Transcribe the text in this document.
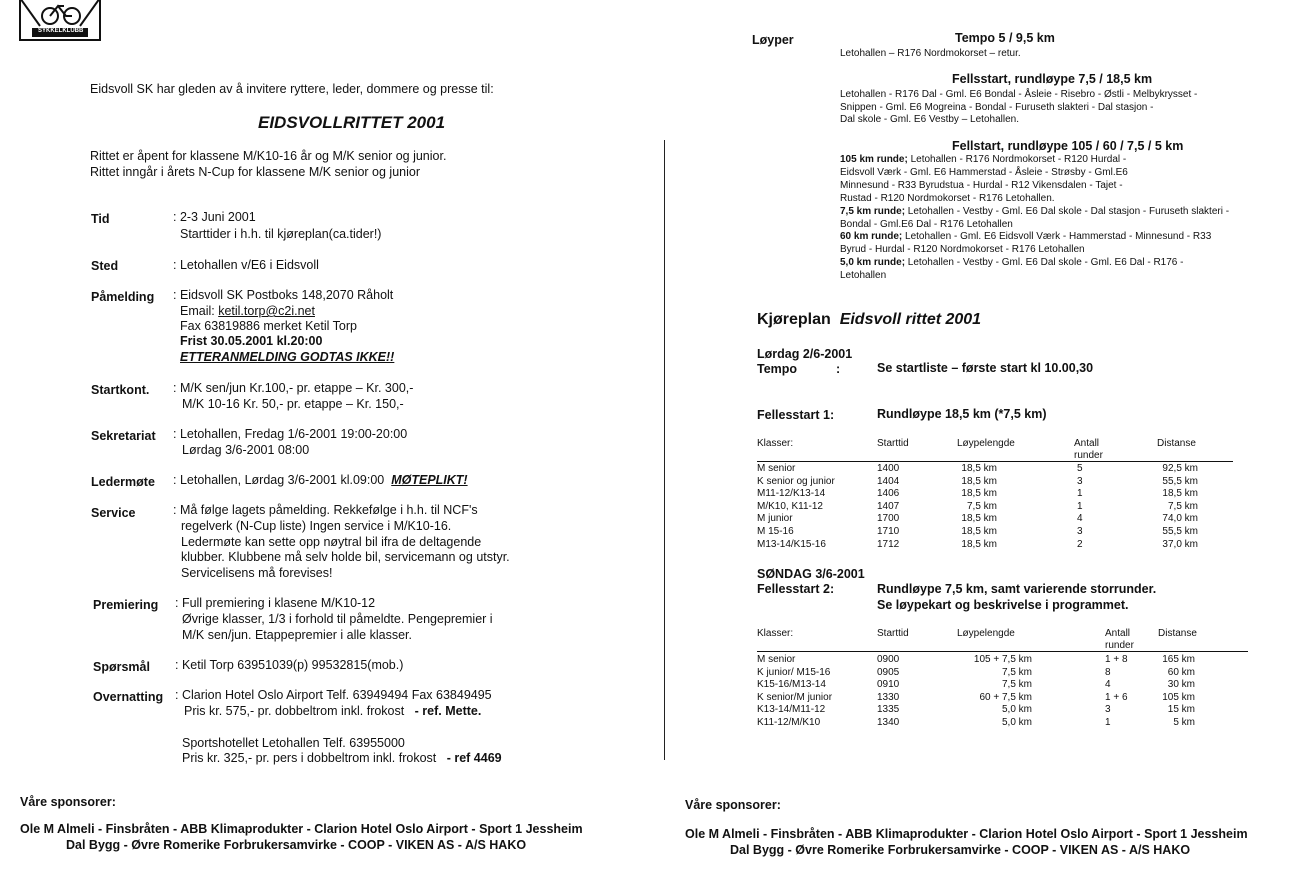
SYKKELKLUBB
Eidsvoll SK har gleden av å invitere ryttere, leder, dommere og presse til:
EIDSVOLLRITTET 2001
Rittet er åpent for klassene M/K10-16 år og M/K senior og junior.
Rittet inngår i årets N-Cup for klassene M/K senior og junior
Tid	: 2-3 Juni 2001
Starttider i h.h. til kjøreplan(ca.tider!)
Sted	: Letohallen v/E6 i Eidsvoll
Påmelding : Eidsvoll SK Postboks 148,2070 Råholt
Email: ketil.torp@c2i.net
Fax 63819886 merket Ketil Torp
Frist 30.05.2001 kl.20:00
ETTERANMELDING GODTAS IKKE!!
Startkont. : M/K sen/jun Kr.100,- pr. etappe – Kr. 300,-
M/K 10-16 Kr. 50,- pr. etappe – Kr. 150,-
Sekretariat : Letohallen, Fredag 1/6-2001 19:00-20:00
Lørdag 3/6-2001 08:00
Ledermøte : Letohallen, Lørdag 3/6-2001 kl.09:00 MØTEPLIKT!
Service	: Må følge lagets påmelding. Rekkefølge i h.h. til NCF's
regelverk (N-Cup liste) Ingen service i M/K10-16.
Ledermøte kan sette opp nøytral bil ifra de deltagende
klubber. Klubbene må selv holde bil, servicemann og utstyr.
Servicelisens må forevises!
Premiering : Full premiering i klasene M/K10-12
Øvrige klasser, 1/3 i forhold til påmeldte. Pengepremier i
M/K sen/jun. Etappepremier i alle klasser.
Spørsmål : Ketil Torp 63951039(p) 99532815(mob.)
Overnatting : Clarion Hotel Oslo Airport Telf. 63949494 Fax 63849495
Pris kr. 575,- pr. dobbeltrom inkl. frokost - ref. Mette.
Sportshotellet Letohallen Telf. 63955000
Pris kr. 325,- pr. pers i dobbeltrom inkl. frokost - ref 4469
Våre sponsorer:
Ole M Almeli - Finsbråten - ABB Klimaprodukter - Clarion Hotel Oslo Airport - Sport 1 Jessheim
Dal Bygg - Øvre Romerike Forbrukersamvirke - COOP - VIKEN AS - A/S HAKO
Løyper	Tempo 5 / 9,5 km
Letohallen – R176 Nordmokorset – retur.
Fellsstart, rundløype 7,5 / 18,5 km
Letohallen - R176 Dal - Gml. E6 Bondal - Åsleie - Risebro - Østli - Melbykrysset -
Snippen - Gml. E6 Mogreina - Bondal - Furuseth slakteri - Dal stasjon -
Dal skole - Gml. E6 Vestby – Letohallen.
Fellstart, rundløype 105 / 60 / 7,5 / 5 km
105 km runde; Letohallen - R176 Nordmokorset - R120 Hurdal -
Eidsvoll Værk - Gml. E6 Hammerstad - Åsleie - Strøsby - Gml.E6
Minnesund - R33 Byrudstua - Hurdal - R12 Vikensdalen - Tajet -
Rustad - R120 Nordmokorset - R176 Letohallen.
7,5 km runde; Letohallen - Vestby - Gml. E6 Dal skole - Dal stasjon - Furuseth slakteri -
Bondal - Gml.E6 Dal - R176 Letohallen
60 km runde; Letohallen - Gml. E6 Eidsvoll Værk - Hammerstad - Minnesund - R33
Byrud - Hurdal - R120 Nordmokorset - R176 Letohallen
5,0 km runde; Letohallen - Vestby - Gml. E6 Dal skole - Gml. E6 Dal - R176 -
Letohallen
Kjøreplan Eidsvoll rittet 2001
Lørdag 2/6-2001
Tempo	:	Se startliste – første start kl 10.00,30
Fellesstart 1:	Rundløype 18,5 km (*7,5 km)
Klasser:	Starttid	Løypelengde	Antall runder
Distanse
M senior	1400	18,5 km	5	92,5 km
K senior og junior	1404	18,5 km	3	55,5 km
M11-12/K13-14	1406	18,5 km	1	18,5 km
M/K10, K11-12	1407	7,5 km	1	7,5 km
M junior	1700	18,5 km	4	74,0 km
M 15-16	1710	18,5 km	3	55,5 km
M13-14/K15-16	1712	18,5 km	2	37,0 km
SØNDAG 3/6-2001
Fellesstart 2:	Rundløype 7,5 km, samt varierende storrunder.
Se løypekart og beskrivelse i programmet.
Klasser:	Starttid	Løypelengde	Antall runder
Distanse
M senior	0900	105 + 7,5 km	1 + 8	165 km
K junior/ M15-16	0905	7,5 km	8	60 km
K15-16/M13-14	0910	7,5 km	4	30 km
K senior/M junior	1330	60 + 7,5 km	1 + 6	105 km
K13-14/M11-12	1335	5,0 km	3	15 km
K11-12/M/K10	1340	5,0 km	1	5 km
Våre sponsorer:
Ole M Almeli - Finsbråten - ABB Klimaprodukter - Clarion Hotel Oslo Airport - Sport 1 Jessheim
Dal Bygg - Øvre Romerike Forbrukersamvirke - COOP - VIKEN AS - A/S HAKO
